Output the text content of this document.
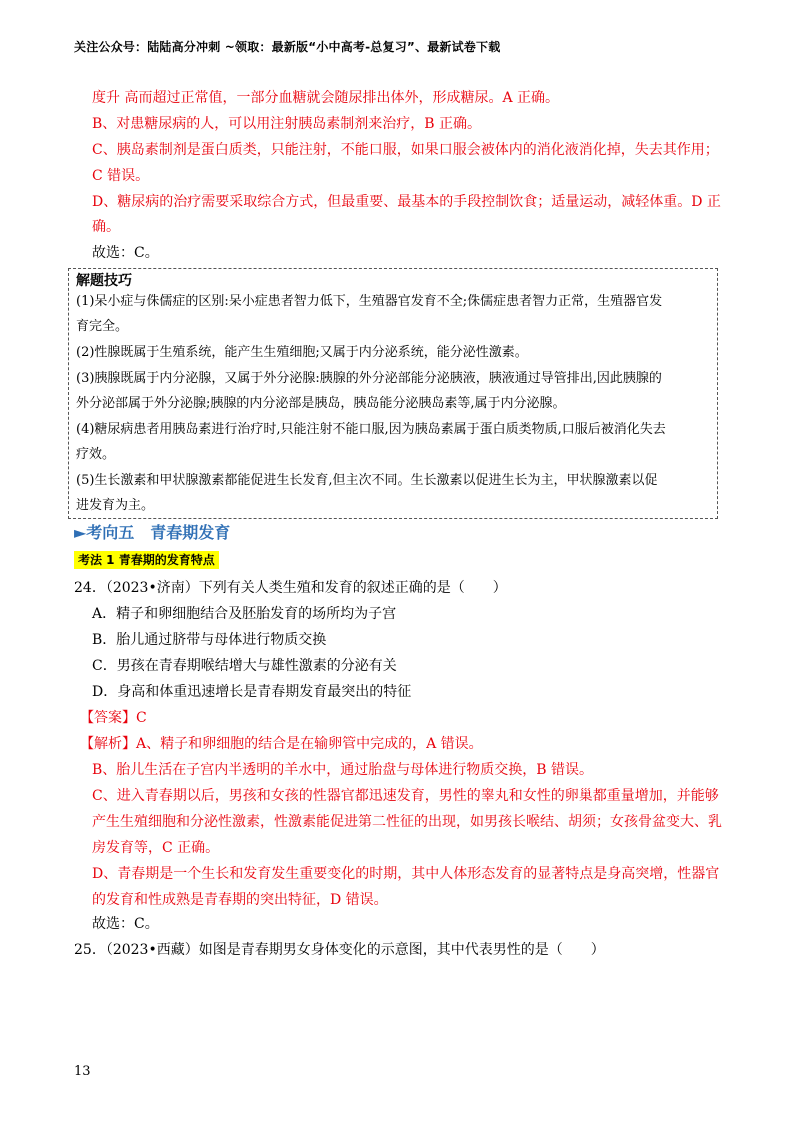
关注公众号：陆陆高分冲刺 ~领取：最新版“小中高考-总复习”、最新试卷下载
度升 高而超过正常值，一部分血糖就会随尿排出体外，形成糖尿。A 正确。
B、对患糖尿病的人，可以用注射胰岛素制剂来治疗，B 正确。
C、胰岛素制剂是蛋白质类，只能注射，不能口服，如果口服会被体内的消化液消化掉，失去其作用；
C 错误。
D、糖尿病的治疗需要采取综合方式，但最重要、最基本的手段控制饮食；适量运动，减轻体重。D 正
确。
故选：C。
解题技巧
(1)呆小症与侏儒症的区别:呆小症患者智力低下，生殖器官发育不全;侏儒症患者智力正常，生殖器官发
育完全。
(2)性腺既属于生殖系统，能产生生殖细胞;又属于内分泌系统，能分泌性激素。
(3)胰腺既属于内分泌腺，又属于外分泌腺:胰腺的外分泌部能分泌胰液，胰液通过导管排出,因此胰腺的
外分泌部属于外分泌腺;胰腺的内分泌部是胰岛，胰岛能分泌胰岛素等,属于内分泌腺。
(4)糖尿病患者用胰岛素进行治疗时,只能注射不能口服,因为胰岛素属于蛋白质类物质,口服后被消化失去
疗效。
(5)生长激素和甲状腺激素都能促进生长发育,但主次不同。生长激素以促进生长为主，甲状腺激素以促
进发育为主。
►考向五　青春期发育
考法 1 青春期的发育特点
24．（2023•济南）下列有关人类生殖和发育的叙述正确的是（　　）
A．精子和卵细胞结合及胚胎发育的场所均为子宫
B．胎儿通过脐带与母体进行物质交换
C．男孩在青春期喉结增大与雄性激素的分泌有关
D．身高和体重迅速增长是青春期发育最突出的特征
【答案】C
【解析】A、精子和卵细胞的结合是在输卵管中完成的，A 错误。
B、胎儿生活在子宫内半透明的羊水中，通过胎盘与母体进行物质交换，B 错误。
C、进入青春期以后，男孩和女孩的性器官都迅速发育，男性的睾丸和女性的卵巢都重量增加，并能够
产生生殖细胞和分泌性激素，性激素能促进第二性征的出现，如男孩长喉结、胡须；女孩骨盆变大、乳
房发育等，C 正确。
D、青春期是一个生长和发育发生重要变化的时期，其中人体形态发育的显著特点是身高突增，性器官
的发育和性成熟是青春期的突出特征，D 错误。
故选：C。
25．（2023•西藏）如图是青春期男女身体变化的示意图，其中代表男性的是（　　）
13
